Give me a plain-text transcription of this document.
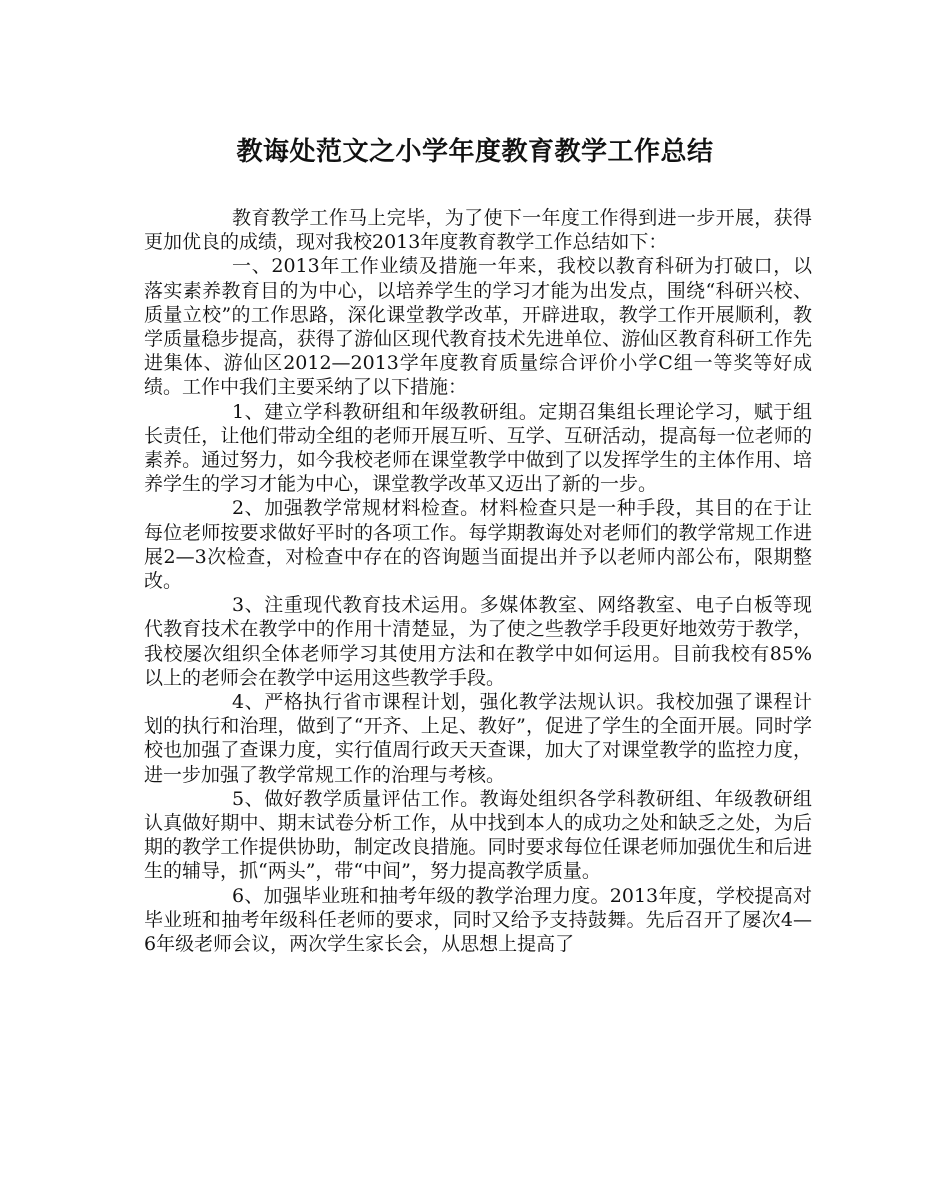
教诲处范文之小学年度教育教学工作总结

教育教学工作马上完毕，为了使下一年度工作得到进一步开展，获得更加优良的成绩，现对我校2013年度教育教学工作总结如下：

一、2013年工作业绩及措施一年来，我校以教育科研为打破口，以落实素养教育目的为中心，以培养学生的学习才能为出发点，围绕“科研兴校、质量立校”的工作思路，深化课堂教学改革，开辟进取，教学工作开展顺利，教学质量稳步提高，获得了游仙区现代教育技术先进单位、游仙区教育科研工作先进集体、游仙区2012—2013学年度教育质量综合评价小学C组一等奖等好成绩。工作中我们主要采纳了以下措施：

1、建立学科教研组和年级教研组。定期召集组长理论学习，赋于组长责任，让他们带动全组的老师开展互听、互学、互研活动，提高每一位老师的素养。通过努力，如今我校老师在课堂教学中做到了以发挥学生的主体作用、培养学生的学习才能为中心，课堂教学改革又迈出了新的一步。

2、加强教学常规材料检查。材料检查只是一种手段，其目的在于让每位老师按要求做好平时的各项工作。每学期教诲处对老师们的教学常规工作进展2—3次检查，对检查中存在的咨询题当面提出并予以老师内部公布，限期整改。

3、注重现代教育技术运用。多媒体教室、网络教室、电子白板等现代教育技术在教学中的作用十清楚显，为了使之些教学手段更好地效劳于教学，我校屡次组织全体老师学习其使用方法和在教学中如何运用。目前我校有85%以上的老师会在教学中运用这些教学手段。

4、严格执行省市课程计划，强化教学法规认识。我校加强了课程计划的执行和治理，做到了“开齐、上足、教好”，促进了学生的全面开展。同时学校也加强了查课力度，实行值周行政天天查课，加大了对课堂教学的监控力度，进一步加强了教学常规工作的治理与考核。

5、做好教学质量评估工作。教诲处组织各学科教研组、年级教研组认真做好期中、期末试卷分析工作，从中找到本人的成功之处和缺乏之处，为后期的教学工作提供协助，制定改良措施。同时要求每位任课老师加强优生和后进生的辅导，抓“两头”，带“中间”，努力提高教学质量。

6、加强毕业班和抽考年级的教学治理力度。2013年度，学校提高对毕业班和抽考年级科任老师的要求，同时又给予支持鼓舞。先后召开了屡次4—6年级老师会议，两次学生家长会，从思想上提高了
